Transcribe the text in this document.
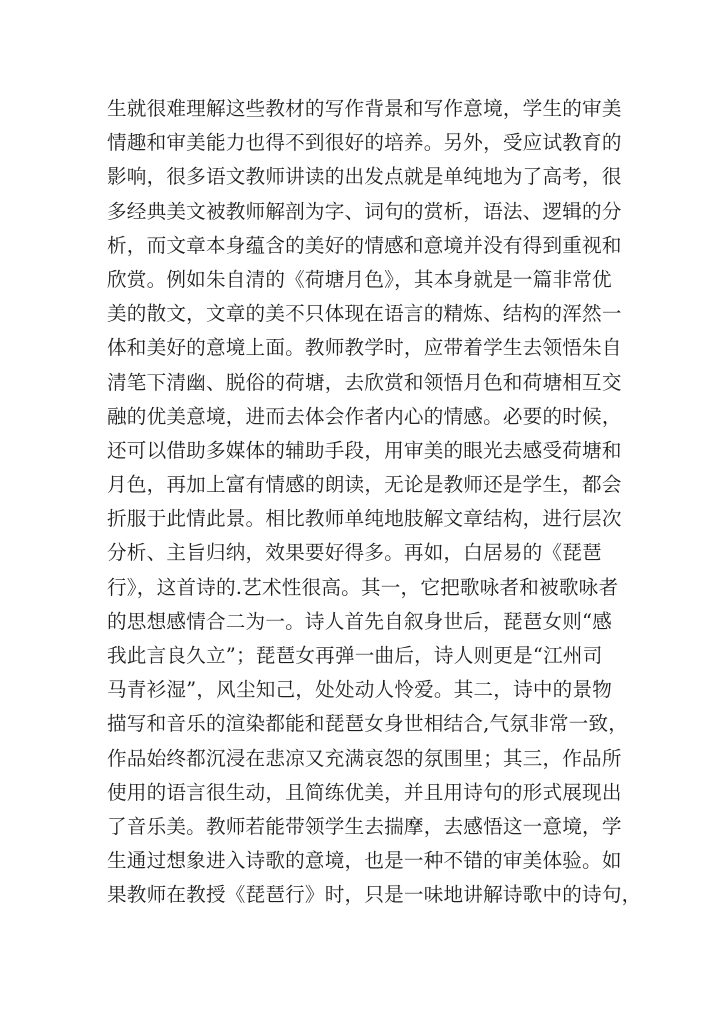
生就很难理解这些教材的写作背景和写作意境，学生的审美
情趣和审美能力也得不到很好的培养。另外，受应试教育的
影响，很多语文教师讲读的出发点就是单纯地为了高考，很
多经典美文被教师解剖为字、词句的赏析，语法、逻辑的分
析，而文章本身蕴含的美好的情感和意境并没有得到重视和
欣赏。例如朱自清的《荷塘月色》，其本身就是一篇非常优
美的散文，文章的美不只体现在语言的精炼、结构的浑然一
体和美好的意境上面。教师教学时，应带着学生去领悟朱自
清笔下清幽、脱俗的荷塘，去欣赏和领悟月色和荷塘相互交
融的优美意境，进而去体会作者内心的情感。必要的时候，
还可以借助多媒体的辅助手段，用审美的眼光去感受荷塘和
月色，再加上富有情感的朗读，无论是教师还是学生，都会
折服于此情此景。相比教师单纯地肢解文章结构，进行层次
分析、主旨归纳，效果要好得多。再如，白居易的《琵琶
行》，这首诗的.艺术性很高。其一，它把歌咏者和被歌咏者
的思想感情合二为一。诗人首先自叙身世后，琵琶女则“感
我此言良久立”；琵琶女再弹一曲后，诗人则更是“江州司
马青衫湿”，风尘知己，处处动人怜爱。其二，诗中的景物
描写和音乐的渲染都能和琵琶女身世相结合,气氛非常一致，
作品始终都沉浸在悲凉又充满哀怨的氛围里；其三，作品所
使用的语言很生动，且简练优美，并且用诗句的形式展现出
了音乐美。教师若能带领学生去揣摩，去感悟这一意境，学
生通过想象进入诗歌的意境，也是一种不错的审美体验。如
果教师在教授《琵琶行》时，只是一味地讲解诗歌中的诗句，
